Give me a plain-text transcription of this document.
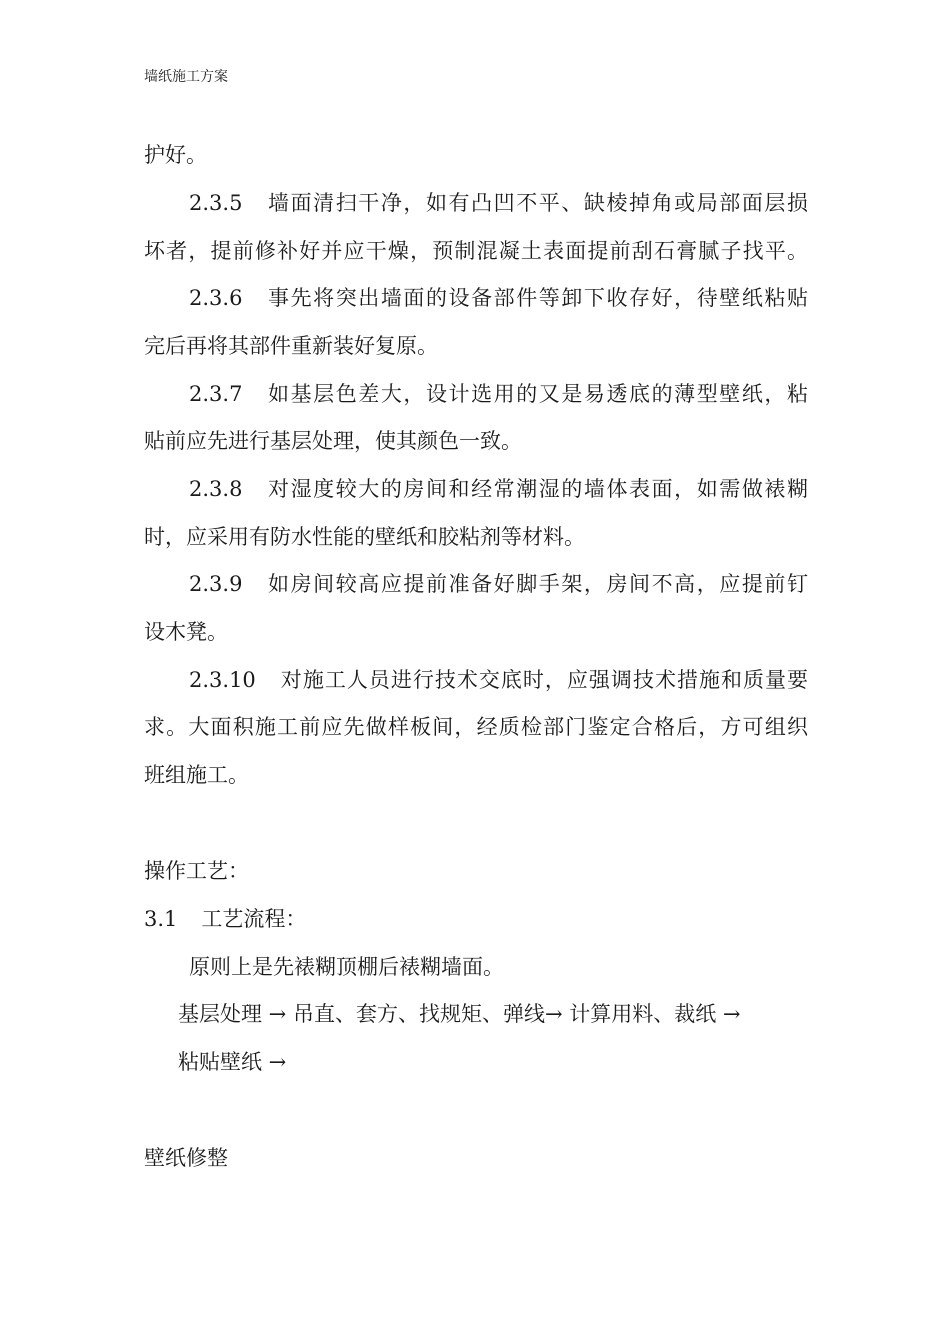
墙纸施工方案
护好。
2.3.5 墙面清扫干净，如有凸凹不平、缺棱掉角或局部面层损
坏者，提前修补好并应干燥，预制混凝土表面提前刮石膏腻子找平。
2.3.6 事先将突出墙面的设备部件等卸下收存好，待壁纸粘贴
完后再将其部件重新装好复原。
2.3.7 如基层色差大，设计选用的又是易透底的薄型壁纸，粘
贴前应先进行基层处理，使其颜色一致。
2.3.8 对湿度较大的房间和经常潮湿的墙体表面，如需做裱糊
时，应采用有防水性能的壁纸和胶粘剂等材料。
2.3.9 如房间较高应提前准备好脚手架，房间不高，应提前钉
设木凳。
2.3.10 对施工人员进行技术交底时，应强调技术措施和质量要
求。大面积施工前应先做样板间，经质检部门鉴定合格后，方可组织
班组施工。
操作工艺：
3.1 工艺流程：
原则上是先裱糊顶棚后裱糊墙面。
基层处理 → 吊直、套方、找规矩、弹线→ 计算用料、裁纸 →
粘贴壁纸 →
壁纸修整
